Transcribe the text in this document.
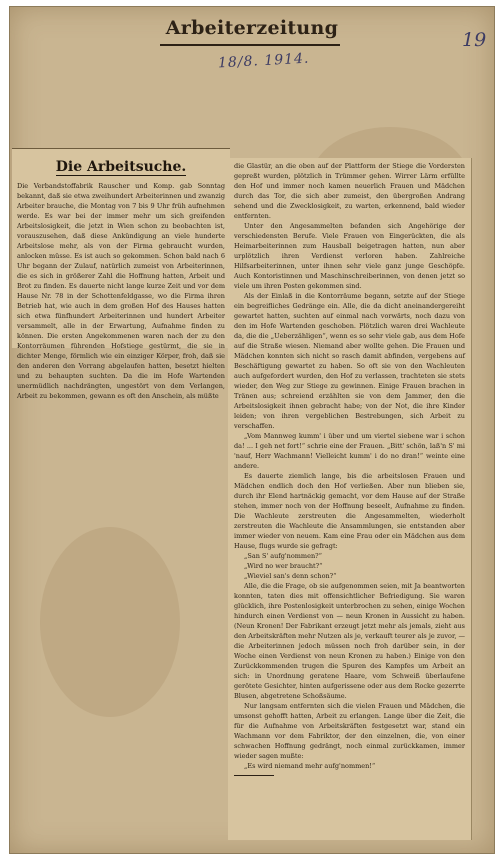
Arbeiterzeitung
18/8. 1914.
19
Die Arbeitsuche.

Die Verbandstoffabrik Rauscher und Komp. gab Sonntag bekannt, daß sie etwa zweihundert Arbeiterinnen und zwanzig Arbeiter brauche, die Montag von 7 bis 9 Uhr früh aufnehmen werde. Es war bei der immer mehr um sich greifenden Arbeitslosigkeit, die jetzt in Wien schon zu beobachten ist, vorauszusehen, daß diese Ankündigung an viele hunderte Arbeitslose mehr, als von der Firma gebraucht wurden, anlocken müsse. Es ist auch so gekommen. Schon bald nach 6 Uhr begann der Zulauf, natürlich zumeist von Arbeiterinnen, die es sich in größerer Zahl die Hoffnung hatten, Arbeit und Brot zu finden. Es dauerte nicht lange kurze Zeit und vor dem Hause Nr. 78 in der Schottenfeldgasse, wo die Firma ihren Betrieb hat, wie auch in dem großen Hof des Hauses hatten sich etwa fünfhundert Arbeiterinnen und hundert Arbeiter versammelt, alle in der Erwartung, Aufnahme finden zu können. Die ersten Angekommenen waren nach der zu den Kontorräumen führenden Hofstiege gestürmt, die sie in dichter Menge, förmlich wie ein einziger Körper, froh, daß sie den anderen den Vorrang abgelaufen hatten, besetzt hielten und zu behaupten suchten. Da die im Hofe Wartenden unermüdlich nachdrängten, ungestört von dem Verlangen, Arbeit zu bekommen, gewann es oft den Anschein, als müßte

die Glastür, an die oben auf der Plattform der Stiege die Vordersten gepreßt wurden, plötzlich in Trümmer gehen. Wirrer Lärm erfüllte den Hof und immer noch kamen neuerlich Frauen und Mädchen durch das Tor, die sich aber zumeist, den übergroßen Andrang sehend und die Zwecklosigkeit, zu warten, erkennend, bald wieder entfernten.

Unter den Angesammelten befanden sich Angehörige der verschiedensten Berufe. Viele Frauen von Eingerückten, die als Heimarbeiterinnen zum Hausball beigetragen hatten, nun aber urplötzlich ihren Verdienst verloren haben. Zahlreiche Hilfsarbeiterinnen, unter ihnen sehr viele ganz junge Geschöpfe. Auch Kontoristinnen und Maschinschreiberinnen, von denen jetzt so viele um ihren Posten gekommen sind.

Als der Einlaß in die Kontorräume begann, setzte auf der Stiege ein begreifliches Gedränge ein. Alle, die da dicht aneinandergereiht gewartet hatten, suchten auf einmal nach vorwärts, noch dazu von den im Hofe Wartenden geschoben. Plötzlich waren drei Wachleute da, die die „Ueberzähligen“, wenn es so sehr viele gab, aus dem Hofe auf die Straße wiesen. Niemand aber wollte gehen. Die Frauen und Mädchen konnten sich nicht so rasch damit abfinden, vergebens auf Beschäftigung gewartet zu haben. So oft sie von den Wachleuten auch aufgefordert wurden, den Hof zu verlassen, trachteten sie stets wieder, den Weg zur Stiege zu gewinnen. Einige Frauen brachen in Tränen aus; schreiend erzählten sie von dem Jammer, den die Arbeitslosigkeit ihnen gebracht habe; von der Not, die ihre Kinder leiden; von ihren vergeblichen Bestrebungen, sich Arbeit zu verschaffen.

„Vom Mannweg kumm' i über und um viertel siebene war i schon da! ... I geh net fort!“ schrie eine der Frauen. „Bitt' schön, laß'n S' mi 'nauf, Herr Wachmann! Vielleicht kumm' i do no dran!“ weinte eine andere.

Es dauerte ziemlich lange, bis die arbeitslosen Frauen und Mädchen endlich doch den Hof verließen. Aber nun blieben sie, durch ihr Elend hartnäckig gemacht, vor dem Hause auf der Straße stehen, immer noch von der Hoffnung beseelt, Aufnahme zu finden. Die Wachleute zerstreuten die Angesammelten, wiederholt zerstreuten die Wachleute die Ansammlungen, sie entstanden aber immer wieder von neuem. Kam eine Frau oder ein Mädchen aus dem Hause, flugs wurde sie gefragt:

„San S' aufg'nommen?“

„Wird no wer braucht?“

„Wieviel san's denn schon?“

Alle, die die Frage, ob sie aufgenommen seien, mit Ja beantworten konnten, taten dies mit offensichtlicher Befriedigung. Sie waren glücklich, ihre Postenlosigkeit unterbrochen zu sehen, einige Wochen hindurch einen Verdienst von — neun Kronen in Aussicht zu haben. (Neun Kronen! Der Fabrikant erzeugt jetzt mehr als jemals, zieht aus den Arbeitskräften mehr Nutzen als je, verkauft teurer als je zuvor, — die Arbeiterinnen jedoch müssen noch froh darüber sein, in der Woche einen Verdienst von neun Kronen zu haben.) Einige von den Zurückkommenden trugen die Spuren des Kampfes um Arbeit an sich: in Unordnung geratene Haare, vom Schweiß überlaufene gerötete Gesichter, hinten aufgerissene oder aus dem Rocke gezerrte Blusen, abgetretene Schoßsäume.

Nur langsam entfernten sich die vielen Frauen und Mädchen, die umsonst gehofft hatten, Arbeit zu erlangen. Lange über die Zeit, die für die Aufnahme von Arbeitskräften festgesetzt war, stand ein Wachmann vor dem Fabriktor, der den einzelnen, die, von einer schwachen Hoffnung gedrängt, noch einmal zurückkamen, immer wieder sagen mußte:

„Es wird niemand mehr aufg'nommen!“
